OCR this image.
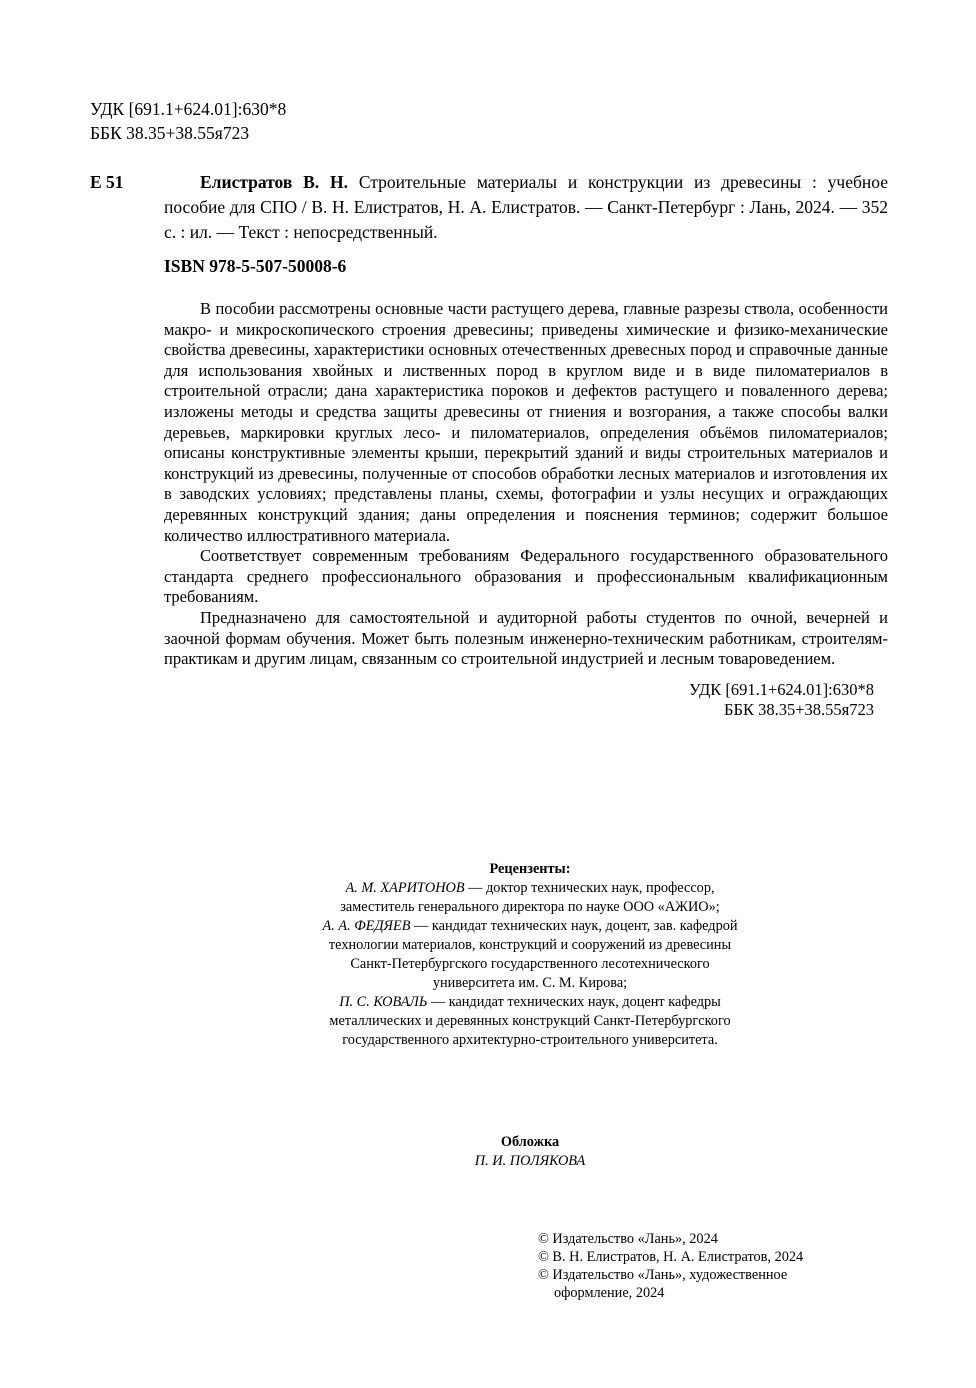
УДК [691.1+624.01]:630*8
ББК 38.35+38.55я723
Е 51	Елистратов В. Н. Строительные материалы и конструкции из древесины : учебное пособие для СПО / В. Н. Елистратов, Н. А. Елистратов. — Санкт-Петербург : Лань, 2024. — 352 с. : ил. — Текст : непосредственный.
ISBN 978-5-507-50008-6

В пособии рассмотрены основные части растущего дерева, главные разрезы ствола, особенности макро- и микроскопического строения древесины; приведены химические и физико-механические свойства древесины, характеристики основных отечественных древесных пород и справочные данные для использования хвойных и лиственных пород в круглом виде и в виде пиломатериалов в строительной отрасли; дана характеристика пороков и дефектов растущего и поваленного дерева; изложены методы и средства защиты древесины от гниения и возгорания, а также способы валки деревьев, маркировки круглых лесо- и пиломатериалов, определения объёмов пиломатериалов; описаны конструктивные элементы крыши, перекрытий зданий и виды строительных материалов и конструкций из древесины, полученные от способов обработки лесных материалов и изготовления их в заводских условиях; представлены планы, схемы, фотографии и узлы несущих и ограждающих деревянных конструкций здания; даны определения и пояснения терминов; содержит большое количество иллюстративного материала.

Соответствует современным требованиям Федерального государственного образовательного стандарта среднего профессионального образования и профессиональным квалификационным требованиям.

Предназначено для самостоятельной и аудиторной работы студентов по очной, вечерней и заочной формам обучения. Может быть полезным инженерно-техническим работникам, строителям-практикам и другим лицам, связанным со строительной индустрией и лесным товароведением.

УДК [691.1+624.01]:630*8
ББК 38.35+38.55я723
Рецензенты:
А. М. ХАРИТОНОВ — доктор технических наук, профессор,
заместитель генерального директора по науке ООО «АЖИО»;
А. А. ФЕДЯЕВ — кандидат технических наук, доцент, зав. кафедрой
технологии материалов, конструкций и сооружений из древесины
Санкт-Петербургского государственного лесотехнического
университета им. С. М. Кирова;
П. С. КОВАЛЬ — кандидат технических наук, доцент кафедры
металлических и деревянных конструкций Санкт-Петербургского
государственного архитектурно-строительного университета.
Обложка
П. И. ПОЛЯКОВА
© Издательство «Лань», 2024
© В. Н. Елистратов, Н. А. Елистратов, 2024
© Издательство «Лань», художественное
оформление, 2024
